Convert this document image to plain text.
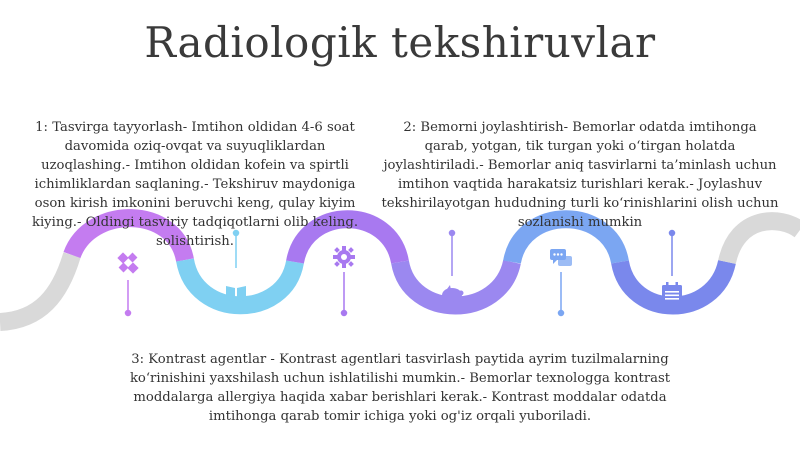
Radiologik tekshiruvlar
1: Tasvirga tayyorlash- Imtihon oldidan 4-6 soat davomida oziq-ovqat va suyuqliklardan uzoqlashing.- Imtihon oldidan kofein va spirtli ichimliklardan saqlaning.- Tekshiruv maydoniga oson kirish imkonini beruvchi keng, qulay kiyim kiying.- Oldingi tasviriy tadqiqotlarni olib keling. solishtirish.
2: Bemorni joylashtirish- Bemorlar odatda imtihonga qarab, yotgan, tik turgan yoki o‘tirgan holatda joylashtiriladi.- Bemorlar aniq tasvirlarni ta’minlash uchun imtihon vaqtida harakatsiz turishlari kerak.- Joylashuv tekshirilayotgan hududning turli ko‘rinishlarini olish uchun sozlanishi mumkin
3: Kontrast agentlar - Kontrast agentlari tasvirlash paytida ayrim tuzilmalarning ko‘rinishini yaxshilash uchun ishlatilishi mumkin.- Bemorlar texnologga kontrast moddalarga allergiya haqida xabar berishlari kerak.- Kontrast moddalar odatda imtihonga qarab tomir ichiga yoki og'iz orqali yuboriladi.
